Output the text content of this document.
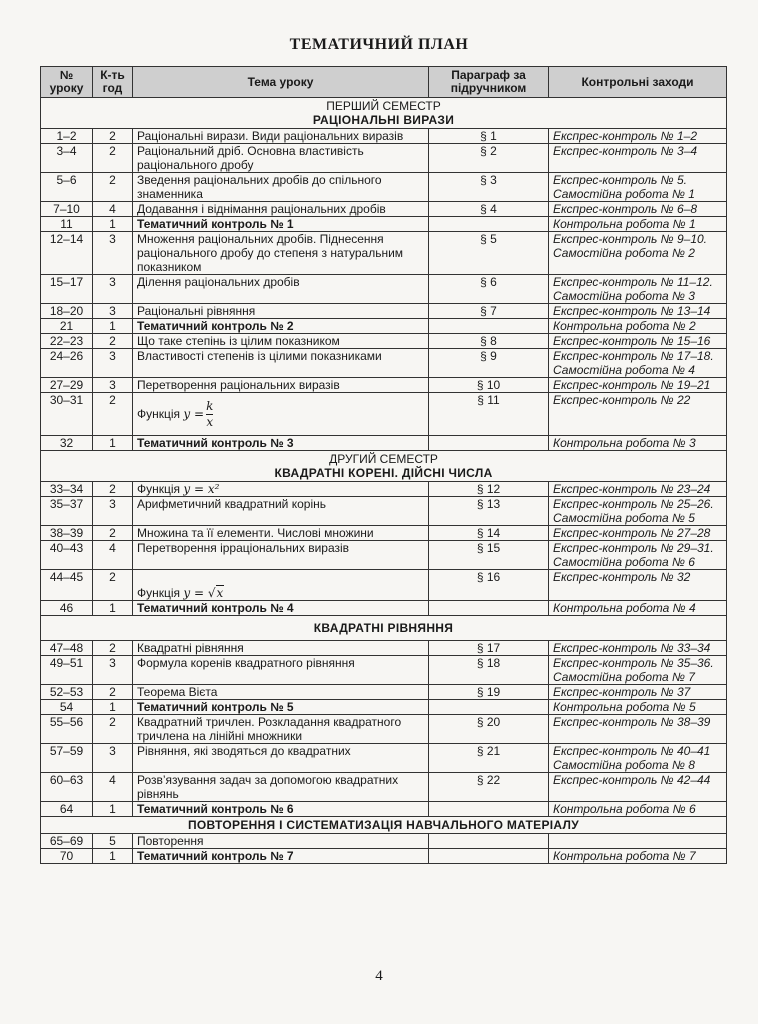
ТЕМАТИЧНИЙ ПЛАН
№ уроку	К-ть год	Тема уроку	Параграф за підручником	Контрольні заходи

ПЕРШИЙ СЕМЕСТР
РАЦІОНАЛЬНІ ВИРАЗИ				

1–2	2	Раціональні вирази. Види раціональних виразів	§ 1	Експрес-контроль № 1–2

3–4	2	Раціональний дріб. Основна властивість раціонального дробу	§ 2	Експрес-контроль № 3–4

5–6	2	Зведення раціональних дробів до спільного знаменника	§ 3	Експрес-контроль № 5.
Самостійна робота № 1

7–10	4	Додавання і віднімання раціональних дробів	§ 4	Експрес-контроль № 6–8

11	1	Тематичний контроль № 1		Контрольна робота № 1

12–14	3	Множення раціональних дробів. Піднесення раціонального дробу до степеня з натуральним показником	§ 5	Експрес-контроль № 9–10.
Самостійна робота № 2

15–17	3	Ділення раціональних дробів	§ 6	Експрес-контроль № 11–12.
Самостійна робота № 3

18–20	3	Раціональні рівняння	§ 7	Експрес-контроль № 13–14

21	1	Тематичний контроль № 2		Контрольна робота № 2

22–23	2	Що таке степінь із цілим показником	§ 8	Експрес-контроль № 15–16

24–26	3	Властивості степенів із цілими показниками	§ 9	Експрес-контроль № 17–18.
Самостійна робота № 4

27–29	3	Перетворення раціональних виразів	§ 10	Експрес-контроль № 19–21

30–31	2	Функція $y = \frac{k}{x}$	§ 11	Експрес-контроль № 22

32	1	Тематичний контроль № 3		Контрольна робота № 3

ДРУГИЙ СЕМЕСТР
КВАДРАТНІ КОРЕНІ. ДІЙСНІ ЧИСЛА				

33–34	2	Функція y = x²	§ 12	Експрес-контроль № 23–24

35–37	3	Арифметичний квадратний корінь	§ 13	Експрес-контроль № 25–26.
Самостійна робота № 5

38–39	2	Множина та її елементи. Числові множини	§ 14	Експрес-контроль № 27–28

40–43	4	Перетворення ірраціональних виразів	§ 15	Експрес-контроль № 29–31.
Самостійна робота № 6

44–45	2	Функція y = √x	§ 16	Експрес-контроль № 32

46	1	Тематичний контроль № 4		Контрольна робота № 4

КВАДРАТНІ РІВНЯННЯ				

47–48	2	Квадратні рівняння	§ 17	Експрес-контроль № 33–34

49–51	3	Формула коренів квадратного рівняння	§ 18	Експрес-контроль № 35–36.
Самостійна робота № 7

52–53	2	Теорема Вієта	§ 19	Експрес-контроль № 37

54	1	Тематичний контроль № 5		Контрольна робота № 5

55–56	2	Квадратний тричлен. Розкладання квадратного тричлена на лінійні множники	§ 20	Експрес-контроль № 38–39

57–59	3	Рівняння, які зводяться до квадратних	§ 21	Експрес-контроль № 40–41
Самостійна робота № 8

60–63	4	Розв’язування задач за допомогою квадратних рівнянь	§ 22	Експрес-контроль № 42–44

64	1	Тематичний контроль № 6		Контрольна робота № 6

ПОВТОРЕННЯ І СИСТЕМАТИЗАЦІЯ НАВЧАЛЬНОГО МАТЕРІАЛУ				

65–69	5	Повторення		

70	1	Тематичний контроль № 7		Контрольна робота № 7
4
